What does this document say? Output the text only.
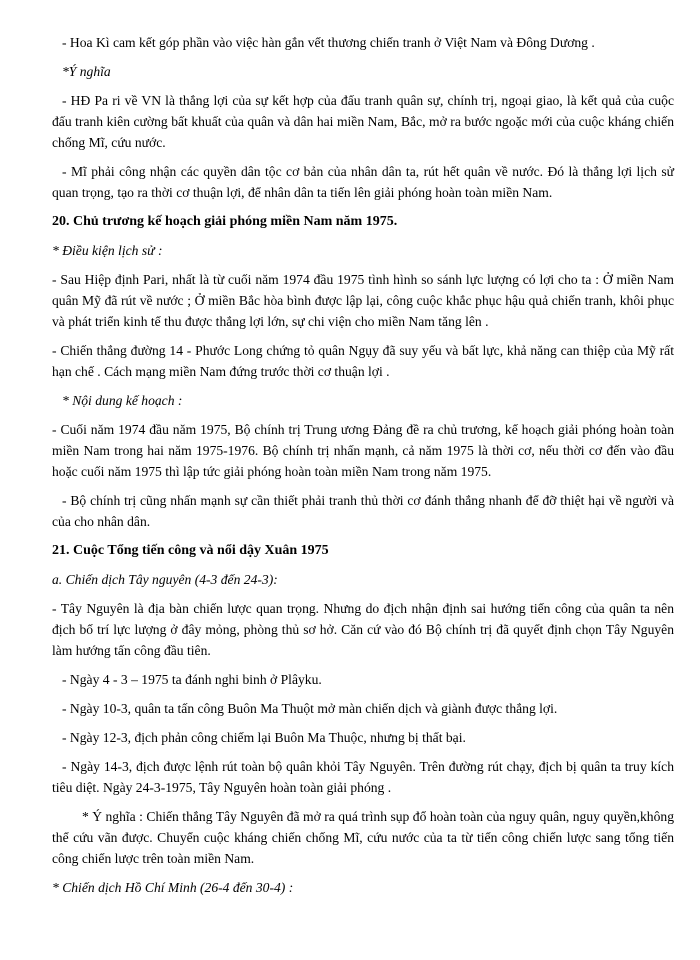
- Hoa Kì cam kết góp phần vào việc hàn gắn vết thương chiến tranh ở Việt Nam và Đông Dương .
*Ý nghĩa
- HĐ Pa ri về VN là thắng lợi của sự kết hợp của đấu tranh quân sự, chính trị, ngoại giao, là kết quả của cuộc đấu tranh kiên cường bất khuất của quân và dân hai miền Nam, Bắc, mở ra bước ngoặc mới của cuộc kháng chiến chống Mĩ, cứu nước.
- Mĩ phải công nhận các quyền dân tộc cơ bản của nhân dân ta, rút hết quân về nước. Đó là thắng lợi lịch sử quan trọng, tạo ra thời cơ thuận lợi, để nhân dân ta tiến lên giải phóng hoàn toàn miền Nam.
20. Chủ trương kế hoạch giải phóng miền Nam năm 1975.
* Điều kiện lịch sử :
- Sau Hiệp định Pari, nhất là từ cuối năm 1974 đầu 1975 tình hình so sánh lực lượng có lợi cho ta : Ở miền Nam quân Mỹ đã rút về nước ; Ở miền Bắc hòa bình được lập lại, công cuộc khắc phục hậu quả chiến tranh, khôi phục và phát triển kinh tế thu được thắng lợi lớn, sự chi viện cho miền Nam tăng lên .
- Chiến thắng đường 14 - Phước Long chứng tỏ quân Ngụy đã suy yếu và bất lực, khả năng can thiệp của Mỹ rất hạn chế . Cách mạng miền Nam đứng trước thời cơ thuận lợi .
* Nội dung kế hoạch :
- Cuối năm 1974 đầu năm 1975, Bộ chính trị Trung ương Đảng đề ra chủ trương, kế hoạch giải phóng hoàn toàn miền Nam trong hai năm 1975-1976. Bộ chính trị nhấn mạnh, cả năm 1975 là thời cơ, nếu thời cơ đến vào đầu hoặc cuối năm 1975 thì lập tức giải phóng hoàn toàn miền Nam trong năm 1975.
- Bộ chính trị cũng nhấn mạnh sự cần thiết phải tranh thủ thời cơ đánh thắng nhanh để đỡ thiệt hại về người và của cho nhân dân.
21. Cuộc Tổng tiến công và nổi dậy Xuân 1975
a. Chiến dịch Tây nguyên (4-3 đến 24-3):
- Tây Nguyên là địa bàn chiến lược quan trọng. Nhưng do địch nhận định sai hướng tiến công của quân ta nên địch bố trí lực lượng ở đây mỏng, phòng thủ sơ hở. Căn cứ vào đó Bộ chính trị đã quyết định chọn Tây Nguyên làm hướng tấn công đầu tiên.
- Ngày 4 - 3 – 1975 ta đánh nghi binh ở Plâyku.
- Ngày 10-3, quân ta tấn công Buôn Ma Thuột mở màn chiến dịch và giành được thắng lợi.
- Ngày 12-3, địch phản công chiếm lại Buôn Ma Thuộc, nhưng bị thất bại.
- Ngày 14-3, địch được lệnh rút toàn bộ quân khỏi Tây Nguyên. Trên đường rút chạy, địch bị quân ta truy kích tiêu diệt. Ngày 24-3-1975, Tây Nguyên hoàn toàn giải phóng .
* Ý nghĩa : Chiến thắng Tây Nguyên đã mở ra quá trình sụp đổ hoàn toàn của nguy quân, nguy quyền,không thể cứu vãn được. Chuyển cuộc kháng chiến chống Mĩ, cứu nước của ta từ tiến công chiến lược sang tổng tiến công chiến lược trên toàn miền Nam.
* Chiến dịch Hồ Chí Minh (26-4 đến 30-4) :
